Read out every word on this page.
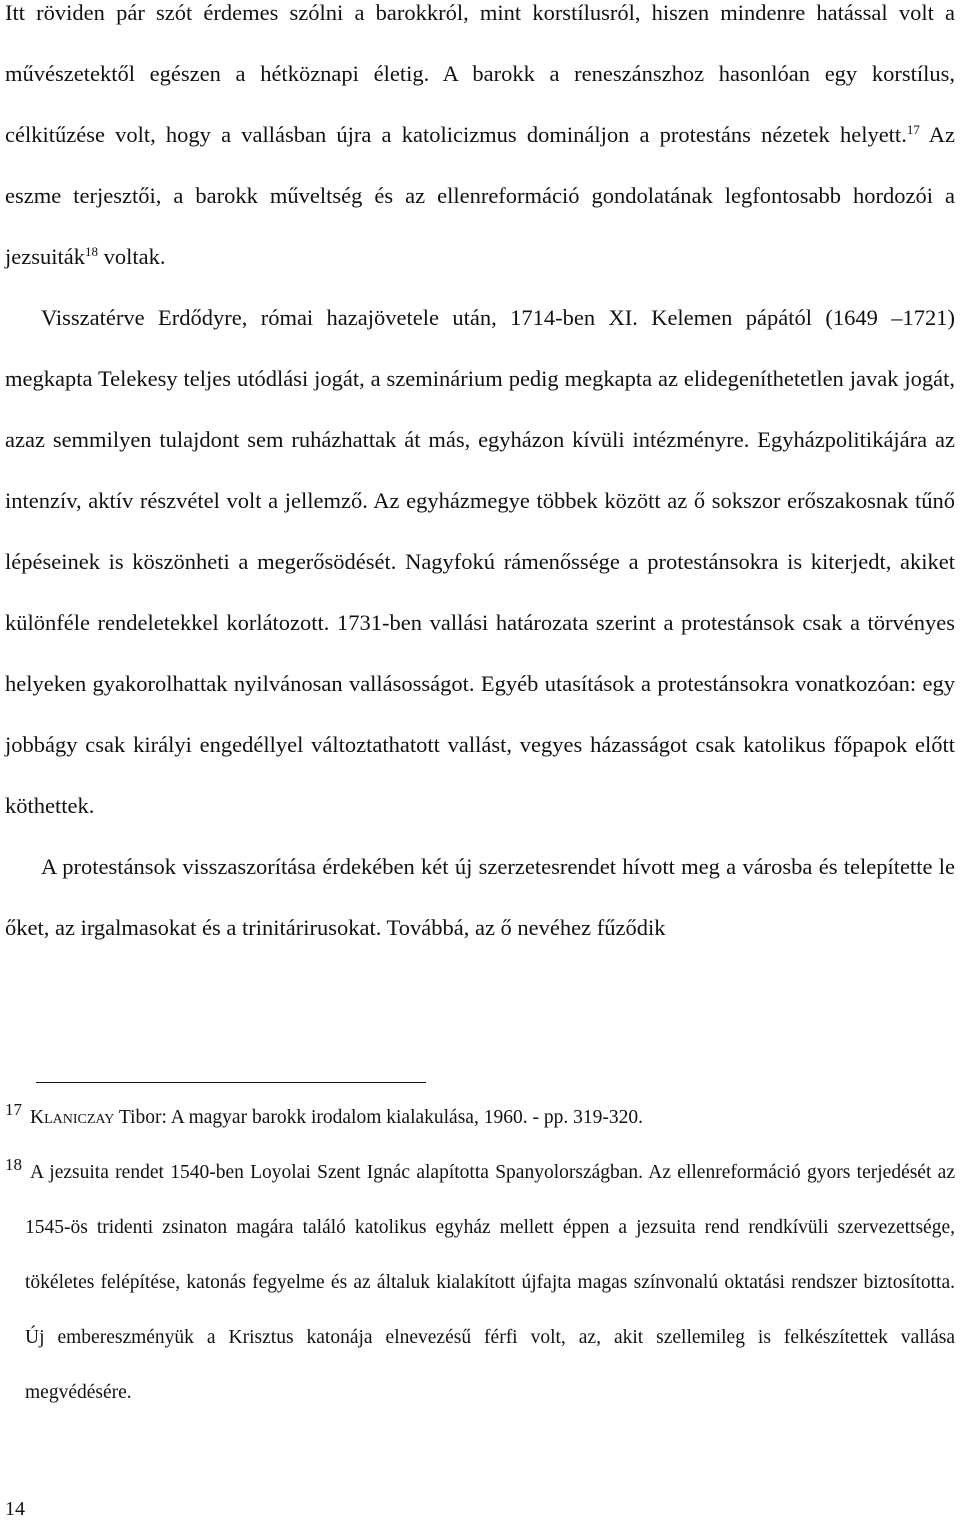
Itt röviden pár szót érdemes szólni a barokkról, mint korstílusról, hiszen mindenre hatással volt a művészetektől egészen a hétköznapi életig. A barokk a reneszánszhoz hasonlóan egy korstílus, célkitűzése volt, hogy a vallásban újra a katolicizmus domináljon a protestáns nézetek helyett.$^{17}$ Az eszme terjesztői, a barokk műveltség és az ellenreformáció gondolatának legfontosabb hordozói a jezsuiták$^{18}$ voltak.

Visszatérve Erdődyre, római hazajövetele után, 1714-ben XI. Kelemen pápától (1649 –1721) megkapta Telekesy teljes utódlási jogát, a szeminárium pedig megkapta az elidegeníthetetlen javak jogát, azaz semmilyen tulajdont sem ruházhattak át más, egyházon kívüli intézményre. Egyházpolitikájára az intenzív, aktív részvétel volt a jellemző. Az egyházmegye többek között az ő sokszor erőszakosnak tűnő lépéseinek is köszönheti a megerősödését. Nagyfokú rámenőssége a protestánsokra is kiterjedt, akiket különféle rendeletekkel korlátozott. 1731-ben vallási határozata szerint a protestánsok csak a törvényes helyeken gyakorolhattak nyilvánosan vallásosságot. Egyéb utasítások a protestánsokra vonatkozóan: egy jobbágy csak királyi engedéllyel változtathatott vallást, vegyes házasságot csak katolikus főpapok előtt köthettek.

A protestánsok visszaszorítása érdekében két új szerzetesrendet hívott meg a városba és telepítette le őket, az irgalmasokat és a trinitárirusokat. Továbbá, az ő nevéhez fűződik

17 Klaniczay Tibor: A magyar barokk irodalom kialakulása, 1960. - pp. 319-320.

18 A jezsuita rendet 1540-ben Loyolai Szent Ignác alapította Spanyolországban. Az ellenreformáció gyors terjedését az 1545-ös tridenti zsinaton magára találó katolikus egyház mellett éppen a jezsuita rend rendkívüli szervezettsége, tökéletes felépítése, katonás fegyelme és az általuk kialakított újfajta magas színvonalú oktatási rendszer biztosította. Új embereszményük a Krisztus katonája elnevezésű férfi volt, az, akit szellemileg is felkészítettek vallása megvédésére.

14
